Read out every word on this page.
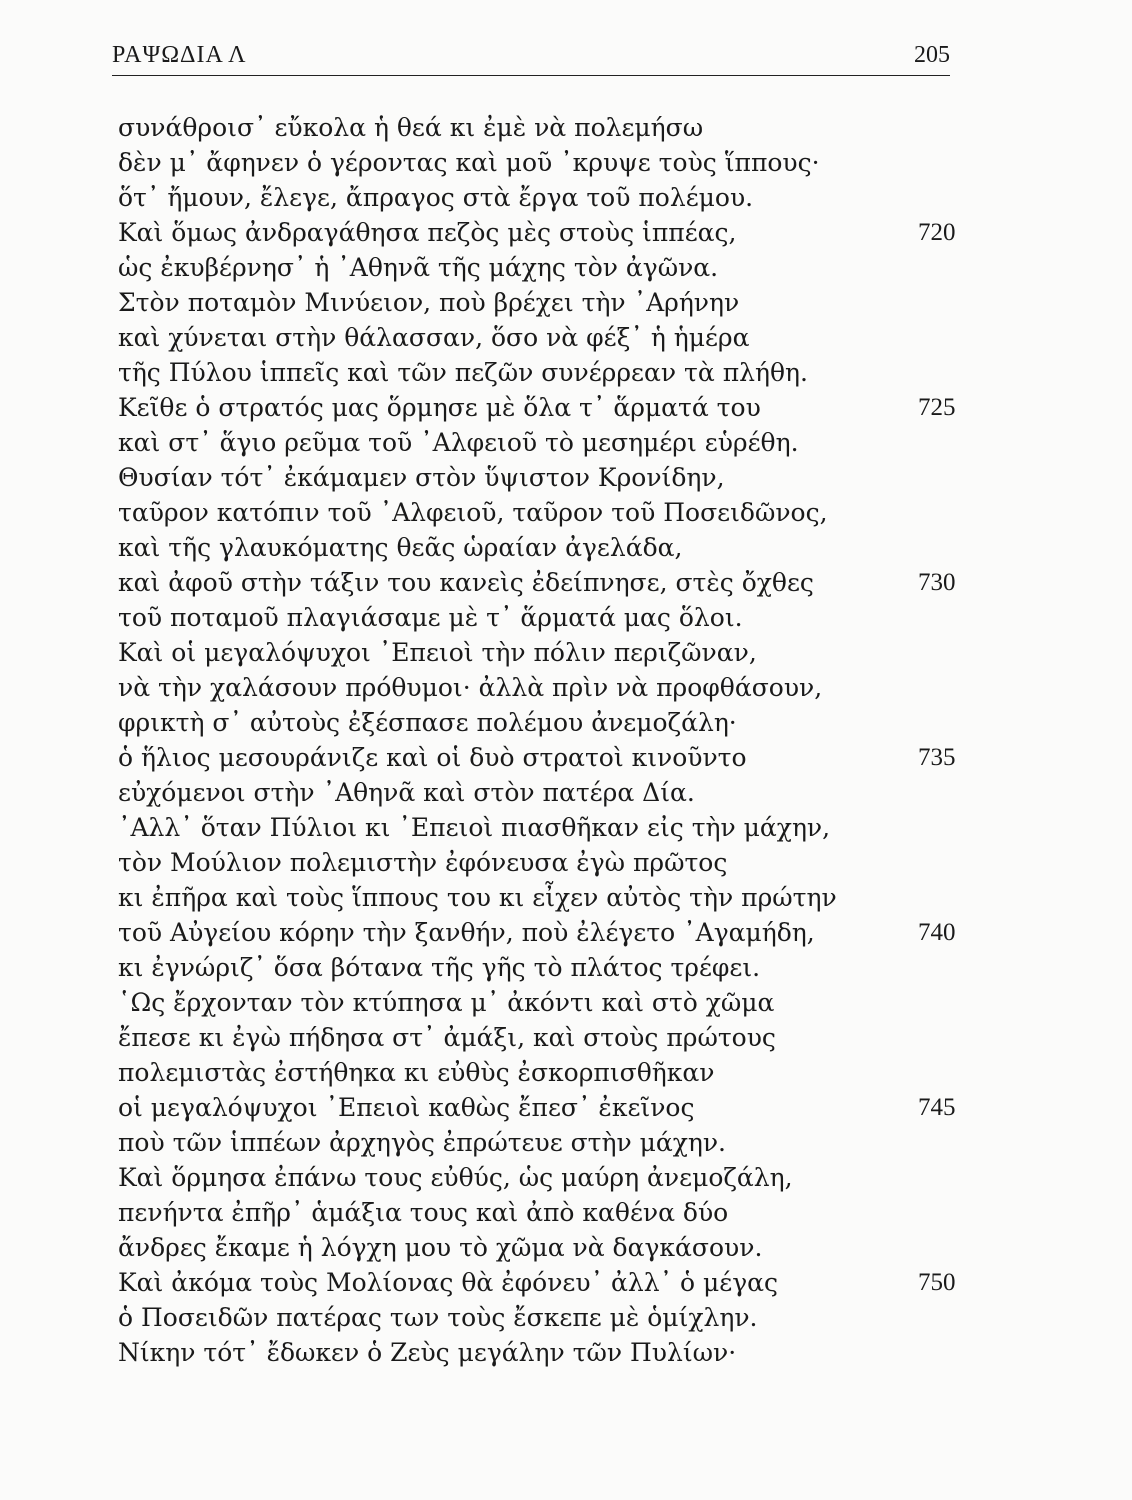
ΡΑΨΩΔΙΑ Λ	205
συνάθροισ᾽ εὔκολα ἡ θεά κι ἐμὲ νὰ πολεμήσω
δὲν μ᾽ ἄφηνεν ὁ γέροντας καὶ μοῦ ᾽κρυψε τοὺς ἵππους·
ὅτ᾽ ἤμουν, ἔλεγε, ἄπραγος στὰ ἔργα τοῦ πολέμου.
Καὶ ὅμως ἀνδραγάθησα πεζὸς μὲς στοὺς ἱππέας,	720
ὡς ἐκυβέρνησ᾽ ἡ ᾽Αθηνᾶ τῆς μάχης τὸν ἀγῶνα.
Στὸν ποταμὸν Μινύειον, ποὺ βρέχει τὴν ᾽Αρήνην
καὶ χύνεται στὴν θάλασσαν, ὅσο νὰ φέξ᾽ ἡ ἡμέρα
τῆς Πύλου ἱππεῖς καὶ τῶν πεζῶν συνέρρεαν τὰ πλήθη.
Κεῖθε ὁ στρατός μας ὅρμησε μὲ ὅλα τ᾽ ἅρματά του	725
καὶ στ᾽ ἅγιο ρεῦμα τοῦ ᾽Αλφειοῦ τὸ μεσημέρι εὑρέθη.
Θυσίαν τότ᾽ ἐκάμαμεν στὸν ὕψιστον Κρονίδην,
ταῦρον κατόπιν τοῦ ᾽Αλφειοῦ, ταῦρον τοῦ Ποσειδῶνος,
καὶ τῆς γλαυκόματης θεᾶς ὡραίαν ἀγελάδα,
καὶ ἀφοῦ στὴν τάξιν του κανεὶς ἐδείπνησε, στὲς ὄχθες	730
τοῦ ποταμοῦ πλαγιάσαμε μὲ τ᾽ ἅρματά μας ὅλοι.
Καὶ οἱ μεγαλόψυχοι ᾽Επειοὶ τὴν πόλιν περιζῶναν,
νὰ τὴν χαλάσουν πρόθυμοι· ἀλλὰ πρὶν νὰ προφθάσουν,
φρικτὴ σ᾽ αὐτοὺς ἐξέσπασε πολέμου ἀνεμοζάλη·
ὁ ἥλιος μεσουράνιζε καὶ οἱ δυὸ στρατοὶ κινοῦντο	735
εὐχόμενοι στὴν ᾽Αθηνᾶ καὶ στὸν πατέρα Δία.
᾽Αλλ᾽ ὅταν Πύλιοι κι ᾽Επειοὶ πιασθῆκαν εἰς τὴν μάχην,
τὸν Μούλιον πολεμιστὴν ἐφόνευσα ἐγὼ πρῶτος
κι ἐπῆρα καὶ τοὺς ἵππους του κι εἶχεν αὐτὸς τὴν πρώτην
τοῦ Αὐγείου κόρην τὴν ξανθήν, ποὺ ἐλέγετο ᾽Αγαμήδη,	740
κι ἐγνώριζ᾽ ὅσα βότανα τῆς γῆς τὸ πλάτος τρέφει.
῾Ως ἔρχονταν τὸν κτύπησα μ᾽ ἀκόντι καὶ στὸ χῶμα
ἔπεσε κι ἐγὼ πήδησα στ᾽ ἀμάξι, καὶ στοὺς πρώτους
πολεμιστὰς ἐστήθηκα κι εὐθὺς ἐσκορπισθῆκαν
οἱ μεγαλόψυχοι ᾽Επειοὶ καθὼς ἔπεσ᾽ ἐκεῖνος	745
ποὺ τῶν ἱππέων ἀρχηγὸς ἐπρώτευε στὴν μάχην.
Καὶ ὅρμησα ἐπάνω τους εὐθύς, ὡς μαύρη ἀνεμοζάλη,
πενήντα ἐπῆρ᾽ ἁμάξια τους καὶ ἀπὸ καθένα δύο
ἄνδρες ἔκαμε ἡ λόγχη μου τὸ χῶμα νὰ δαγκάσουν.
Καὶ ἀκόμα τοὺς Μολίονας θὰ ἐφόνευ᾽ ἀλλ᾽ ὁ μέγας	750
ὁ Ποσειδῶν πατέρας των τοὺς ἔσκεπε μὲ ὁμίχλην.
Νίκην τότ᾽ ἔδωκεν ὁ Ζεὺς μεγάλην τῶν Πυλίων·
